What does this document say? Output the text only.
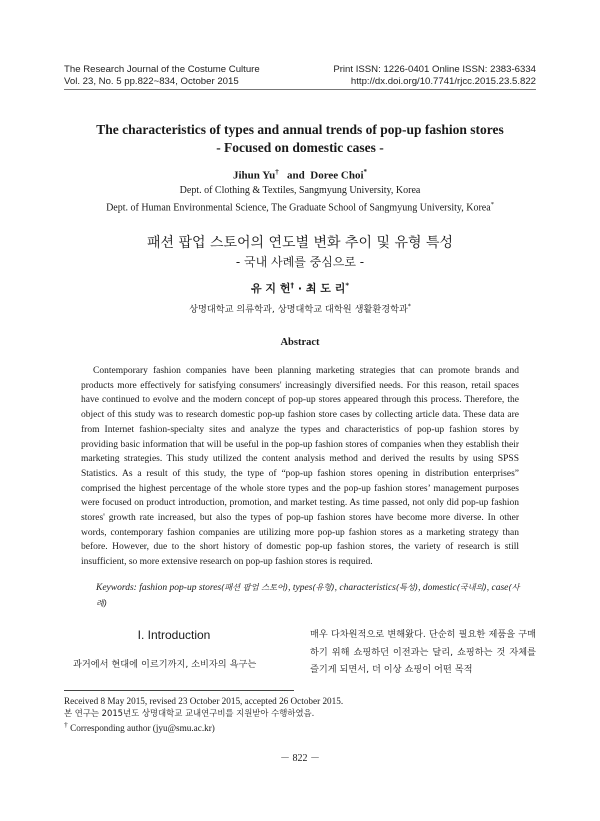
The Research Journal of the Costume Culture
Vol. 23, No. 5 pp.822~834, October 2015
Print ISSN: 1226-0401 Online ISSN: 2383-6334
http://dx.doi.org/10.7741/rjcc.2015.23.5.822
The characteristics of types and annual trends of pop-up fashion stores
- Focused on domestic cases -
Jihun Yu† and Doree Choi*
Dept. of Clothing & Textiles, Sangmyung University, Korea
Dept. of Human Environmental Science, The Graduate School of Sangmyung University, Korea*
패션 팝업 스토어의 연도별 변화 추이 및 유형 특성
- 국내 사례를 중심으로 -
유 지 헌† · 최 도 리*
상명대학교 의류학과, 상명대학교 대학원 생활환경학과*
Abstract
Contemporary fashion companies have been planning marketing strategies that can promote brands and products more effectively for satisfying consumers' increasingly diversified needs. For this reason, retail spaces have continued to evolve and the modern concept of pop-up stores appeared through this process. Therefore, the object of this study was to research domestic pop-up fashion store cases by collecting article data. These data are from Internet fashion-specialty sites and analyze the types and characteristics of pop-up fashion stores by providing basic information that will be useful in the pop-up fashion stores of companies when they establish their marketing strategies. This study utilized the content analysis method and derived the results by using SPSS Statistics. As a result of this study, the type of “pop-up fashion stores opening in distribution enterprises” comprised the highest percentage of the whole store types and the pop-up fashion stores’ management purposes were focused on product introduction, promotion, and market testing. As time passed, not only did pop-up fashion stores' growth rate increased, but also the types of pop-up fashion stores have become more diverse. In other words, contemporary fashion companies are utilizing more pop-up fashion stores as a marketing strategy than before. However, due to the short history of domestic pop-up fashion stores, the variety of research is still insufficient, so more extensive research on pop-up fashion stores is required.
Keywords: fashion pop-up stores(패션 팝업 스토어), types(유형), characteristics(특성), domestic(국내의), case(사례)
I. Introduction
과거에서 현대에 이르기까지, 소비자의 욕구는
매우 다차원적으로 변해왔다. 단순히 필요한 제품을 구매하기 위해 쇼핑하던 이전과는 달리, 쇼핑하는 것 자체를 즐기게 되면서, 더 이상 쇼핑이 어떤 목적
Received 8 May 2015, revised 23 October 2015, accepted 26 October 2015.
본 연구는 2015년도 상명대학교 교내연구비를 지원받아 수행하였음.
† Corresponding author (jyu@smu.ac.kr)
－ 822 －
